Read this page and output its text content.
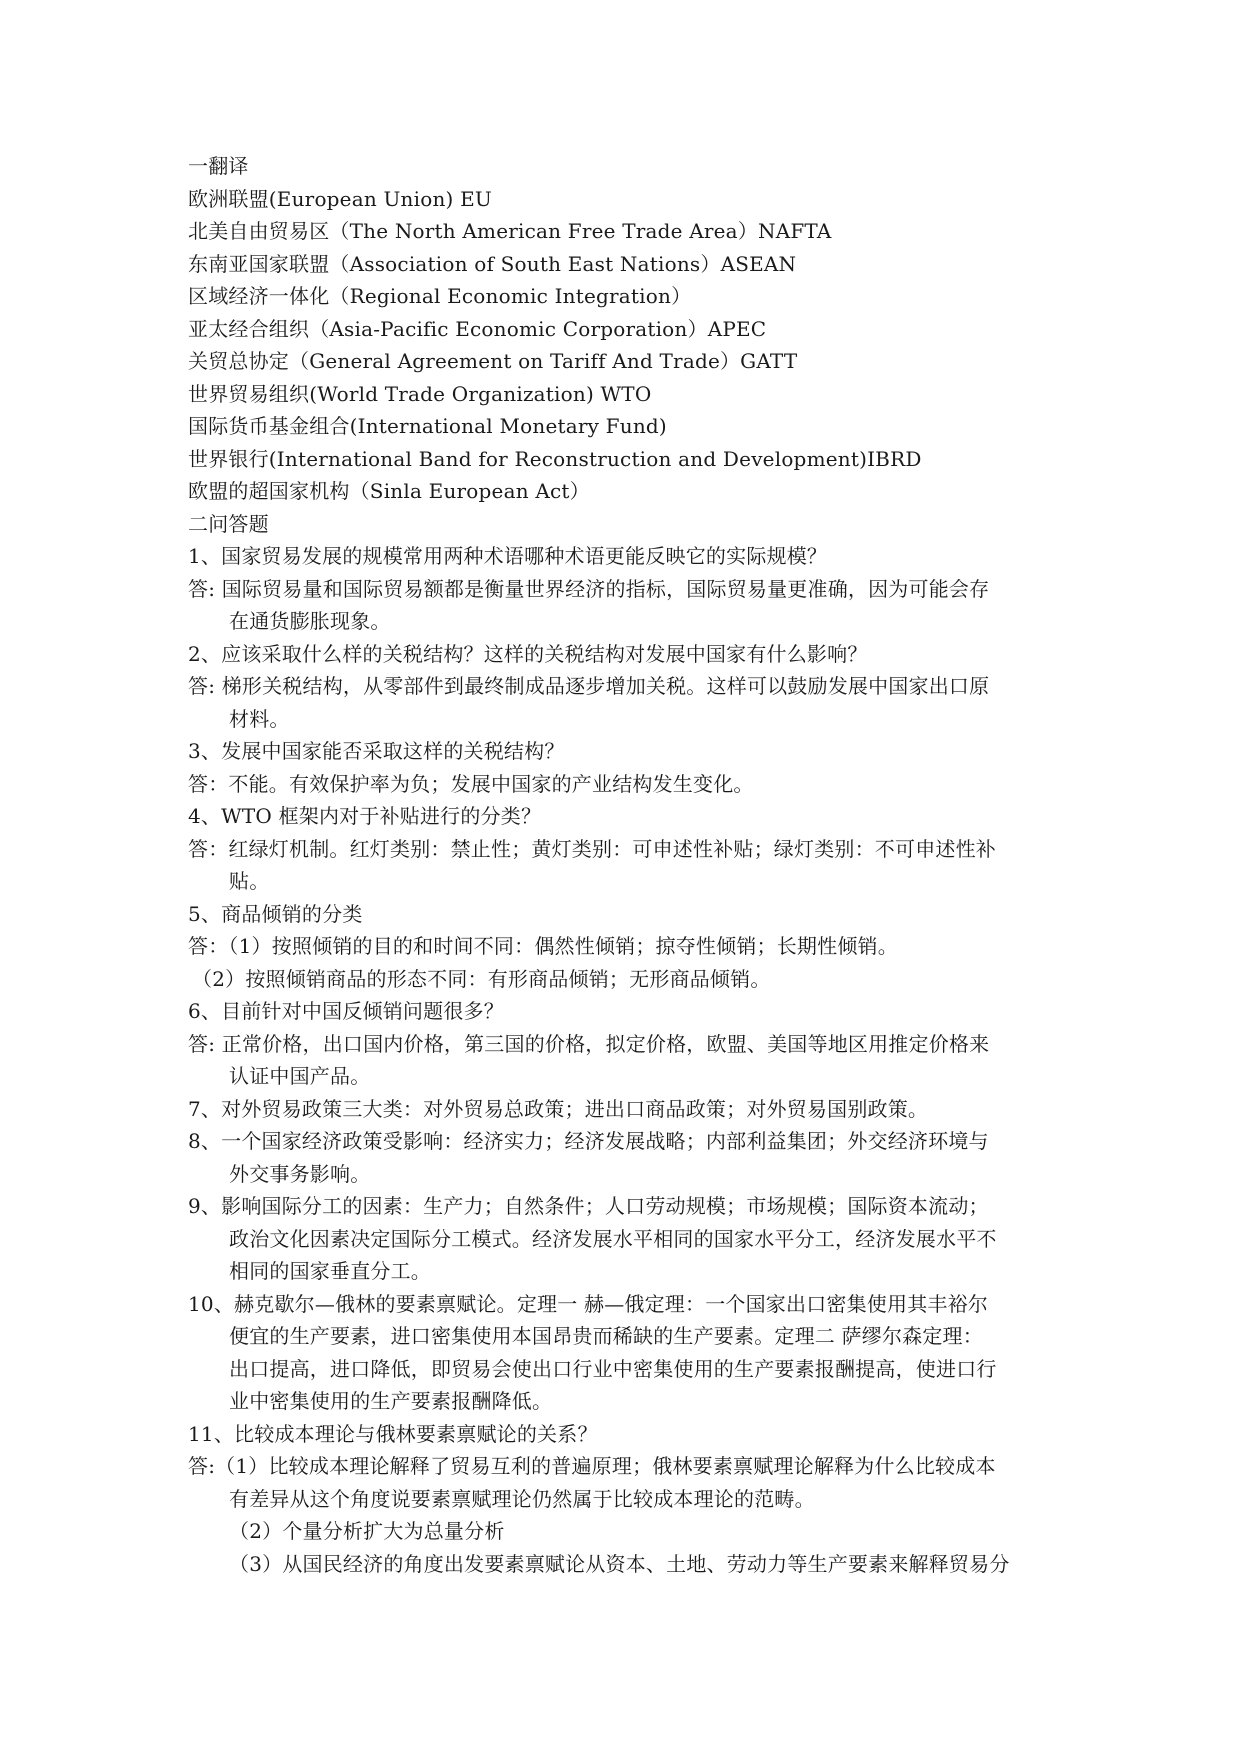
一翻译
欧洲联盟(European Union) EU
北美自由贸易区（The North American Free Trade Area）NAFTA
东南亚国家联盟（Association of South East Nations）ASEAN
区域经济一体化（Regional Economic Integration）
亚太经合组织（Asia-Pacific Economic Corporation）APEC
关贸总协定（General Agreement on Tariff And Trade）GATT
世界贸易组织(World Trade Organization) WTO
国际货币基金组合(International Monetary Fund)
世界银行(International Band for Reconstruction and Development)IBRD
欧盟的超国家机构（Sinla European Act）
二问答题
1、国家贸易发展的规模常用两种术语哪种术语更能反映它的实际规模？
答: 国际贸易量和国际贸易额都是衡量世界经济的指标，国际贸易量更准确，因为可能会存
在通货膨胀现象。
2、应该采取什么样的关税结构？这样的关税结构对发展中国家有什么影响？
答: 梯形关税结构，从零部件到最终制成品逐步增加关税。这样可以鼓励发展中国家出口原
材料。
3、发展中国家能否采取这样的关税结构？
答：不能。有效保护率为负；发展中国家的产业结构发生变化。
4、WTO 框架内对于补贴进行的分类？
答：红绿灯机制。红灯类别：禁止性；黄灯类别：可申述性补贴；绿灯类别：不可申述性补
贴。
5、商品倾销的分类
答：（1）按照倾销的目的和时间不同：偶然性倾销；掠夺性倾销；长期性倾销。
（2）按照倾销商品的形态不同：有形商品倾销；无形商品倾销。
6、目前针对中国反倾销问题很多？
答: 正常价格，出口国内价格，第三国的价格，拟定价格，欧盟、美国等地区用推定价格来
认证中国产品。
7、对外贸易政策三大类：对外贸易总政策；进出口商品政策；对外贸易国别政策。
8、一个国家经济政策受影响：经济实力；经济发展战略；内部利益集团；外交经济环境与
外交事务影响。
9、影响国际分工的因素：生产力；自然条件；人口劳动规模；市场规模；国际资本流动；
政治文化因素决定国际分工模式。经济发展水平相同的国家水平分工，经济发展水平不
相同的国家垂直分工。
10、赫克歇尔—俄林的要素禀赋论。定理一 赫—俄定理：一个国家出口密集使用其丰裕尔
便宜的生产要素，进口密集使用本国昂贵而稀缺的生产要素。定理二 萨缪尔森定理：
出口提高，进口降低，即贸易会使出口行业中密集使用的生产要素报酬提高，使进口行
业中密集使用的生产要素报酬降低。
11、比较成本理论与俄林要素禀赋论的关系？
答:（1）比较成本理论解释了贸易互利的普遍原理；俄林要素禀赋理论解释为什么比较成本
有差异从这个角度说要素禀赋理论仍然属于比较成本理论的范畴。
（2）个量分析扩大为总量分析
（3）从国民经济的角度出发要素禀赋论从资本、土地、劳动力等生产要素来解释贸易分
